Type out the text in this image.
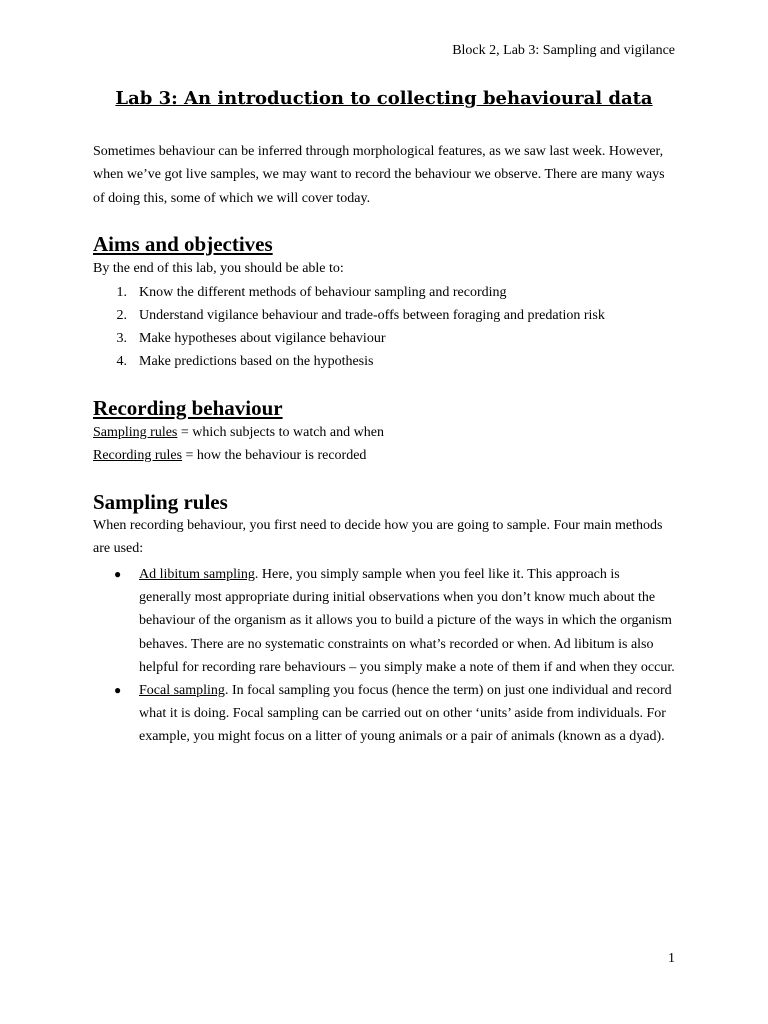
Block 2, Lab 3: Sampling and vigilance
Lab 3: An introduction to collecting behavioural data

Sometimes behaviour can be inferred through morphological features, as we saw last week. However, when we’ve got live samples, we may want to record the behaviour we observe. There are many ways of doing this, some of which we will cover today.

Aims and objectives
By the end of this lab, you should be able to:
1. Know the different methods of behaviour sampling and recording
2. Understand vigilance behaviour and trade-offs between foraging and predation risk
3. Make hypotheses about vigilance behaviour
4. Make predictions based on the hypothesis
Recording behaviour
Sampling rules = which subjects to watch and when
Recording rules = how the behaviour is recorded
Sampling rules

When recording behaviour, you first need to decide how you are going to sample. Four main methods are used:

● Ad libitum sampling. Here, you simply sample when you feel like it. This approach is generally most appropriate during initial observations when you don’t know much about the behaviour of the organism as it allows you to build a picture of the ways in which the organism behaves. There are no systematic constraints on what’s recorded or when. Ad libitum is also helpful for recording rare behaviours – you simply make a note of them if and when they occur.
● Focal sampling. In focal sampling you focus (hence the term) on just one individual and record what it is doing. Focal sampling can be carried out on other ‘units’ aside from individuals. For example, you might focus on a litter of young animals or a pair of animals (known as a dyad).
1
